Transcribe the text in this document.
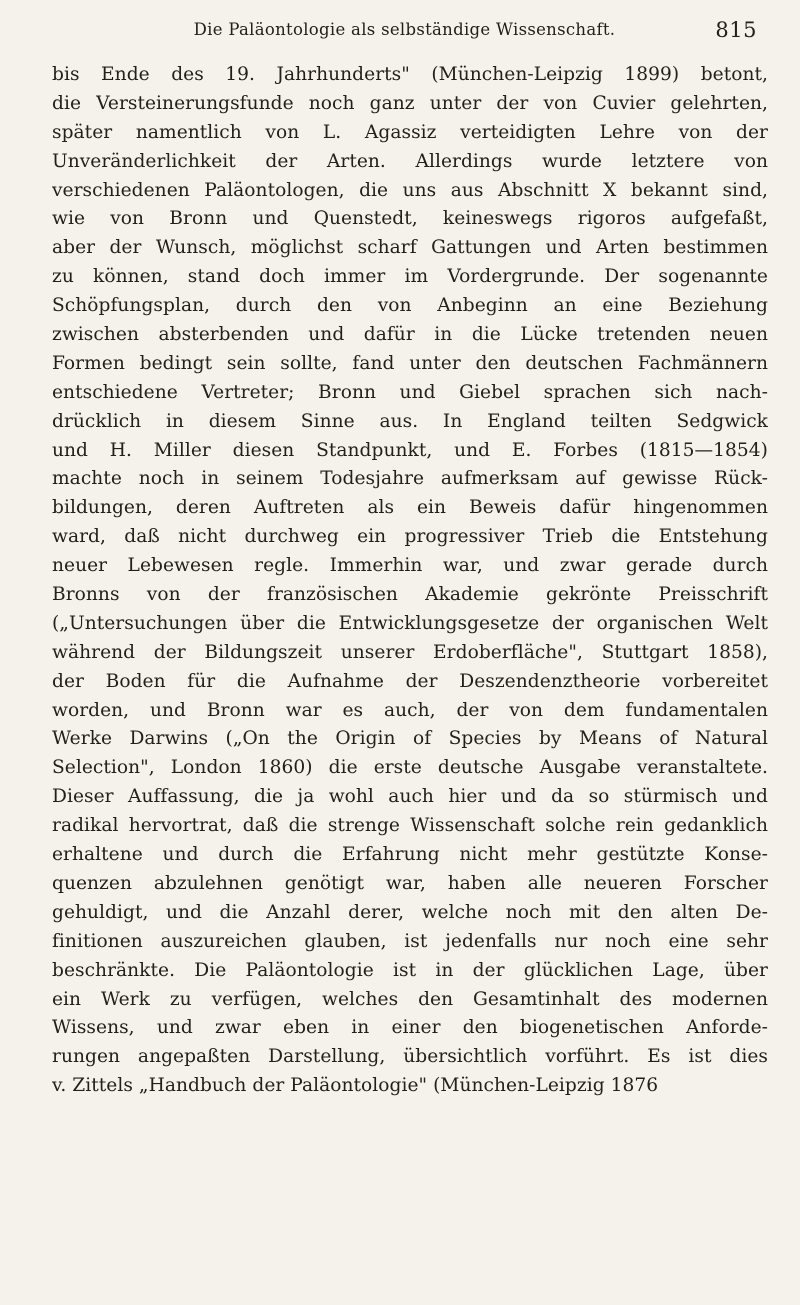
Die Paläontologie als selbständige Wissenschaft.	815
bis Ende des 19. Jahrhunderts" (München-Leipzig 1899) betont,
die Versteinerungsfunde noch ganz unter der von Cuvier gelehrten,
später namentlich von L. Agassiz verteidigten Lehre von der
Unveränderlichkeit der Arten. Allerdings wurde letztere von
verschiedenen Paläontologen, die uns aus Abschnitt X bekannt sind,
wie von Bronn und Quenstedt, keineswegs rigoros aufgefaßt,
aber der Wunsch, möglichst scharf Gattungen und Arten bestimmen
zu können, stand doch immer im Vordergrunde. Der sogenannte
Schöpfungsplan, durch den von Anbeginn an eine Beziehung
zwischen absterbenden und dafür in die Lücke tretenden neuen
Formen bedingt sein sollte, fand unter den deutschen Fachmännern
entschiedene Vertreter; Bronn und Giebel sprachen sich nach-
drücklich in diesem Sinne aus. In England teilten Sedgwick
und H. Miller diesen Standpunkt, und E. Forbes (1815—1854)
machte noch in seinem Todesjahre aufmerksam auf gewisse Rück-
bildungen, deren Auftreten als ein Beweis dafür hingenommen
ward, daß nicht durchweg ein progressiver Trieb die Entstehung
neuer Lebewesen regle. Immerhin war, und zwar gerade durch
Bronns von der französischen Akademie gekrönte Preisschrift
(„Untersuchungen über die Entwicklungsgesetze der organischen Welt
während der Bildungszeit unserer Erdoberfläche", Stuttgart 1858),
der Boden für die Aufnahme der Deszendenztheorie vorbereitet
worden, und Bronn war es auch, der von dem fundamentalen
Werke Darwins („On the Origin of Species by Means of Natural
Selection", London 1860) die erste deutsche Ausgabe veranstaltete.
Dieser Auffassung, die ja wohl auch hier und da so stürmisch und
radikal hervortrat, daß die strenge Wissenschaft solche rein gedanklich
erhaltene und durch die Erfahrung nicht mehr gestützte Konse-
quenzen abzulehnen genötigt war, haben alle neueren Forscher
gehuldigt, und die Anzahl derer, welche noch mit den alten De-
finitionen auszureichen glauben, ist jedenfalls nur noch eine sehr
beschränkte. Die Paläontologie ist in der glücklichen Lage, über
ein Werk zu verfügen, welches den Gesamtinhalt des modernen
Wissens, und zwar eben in einer den biogenetischen Anforde-
rungen angepaßten Darstellung, übersichtlich vorführt. Es ist dies
v. Zittels „Handbuch der Paläontologie" (München-Leipzig 1876
